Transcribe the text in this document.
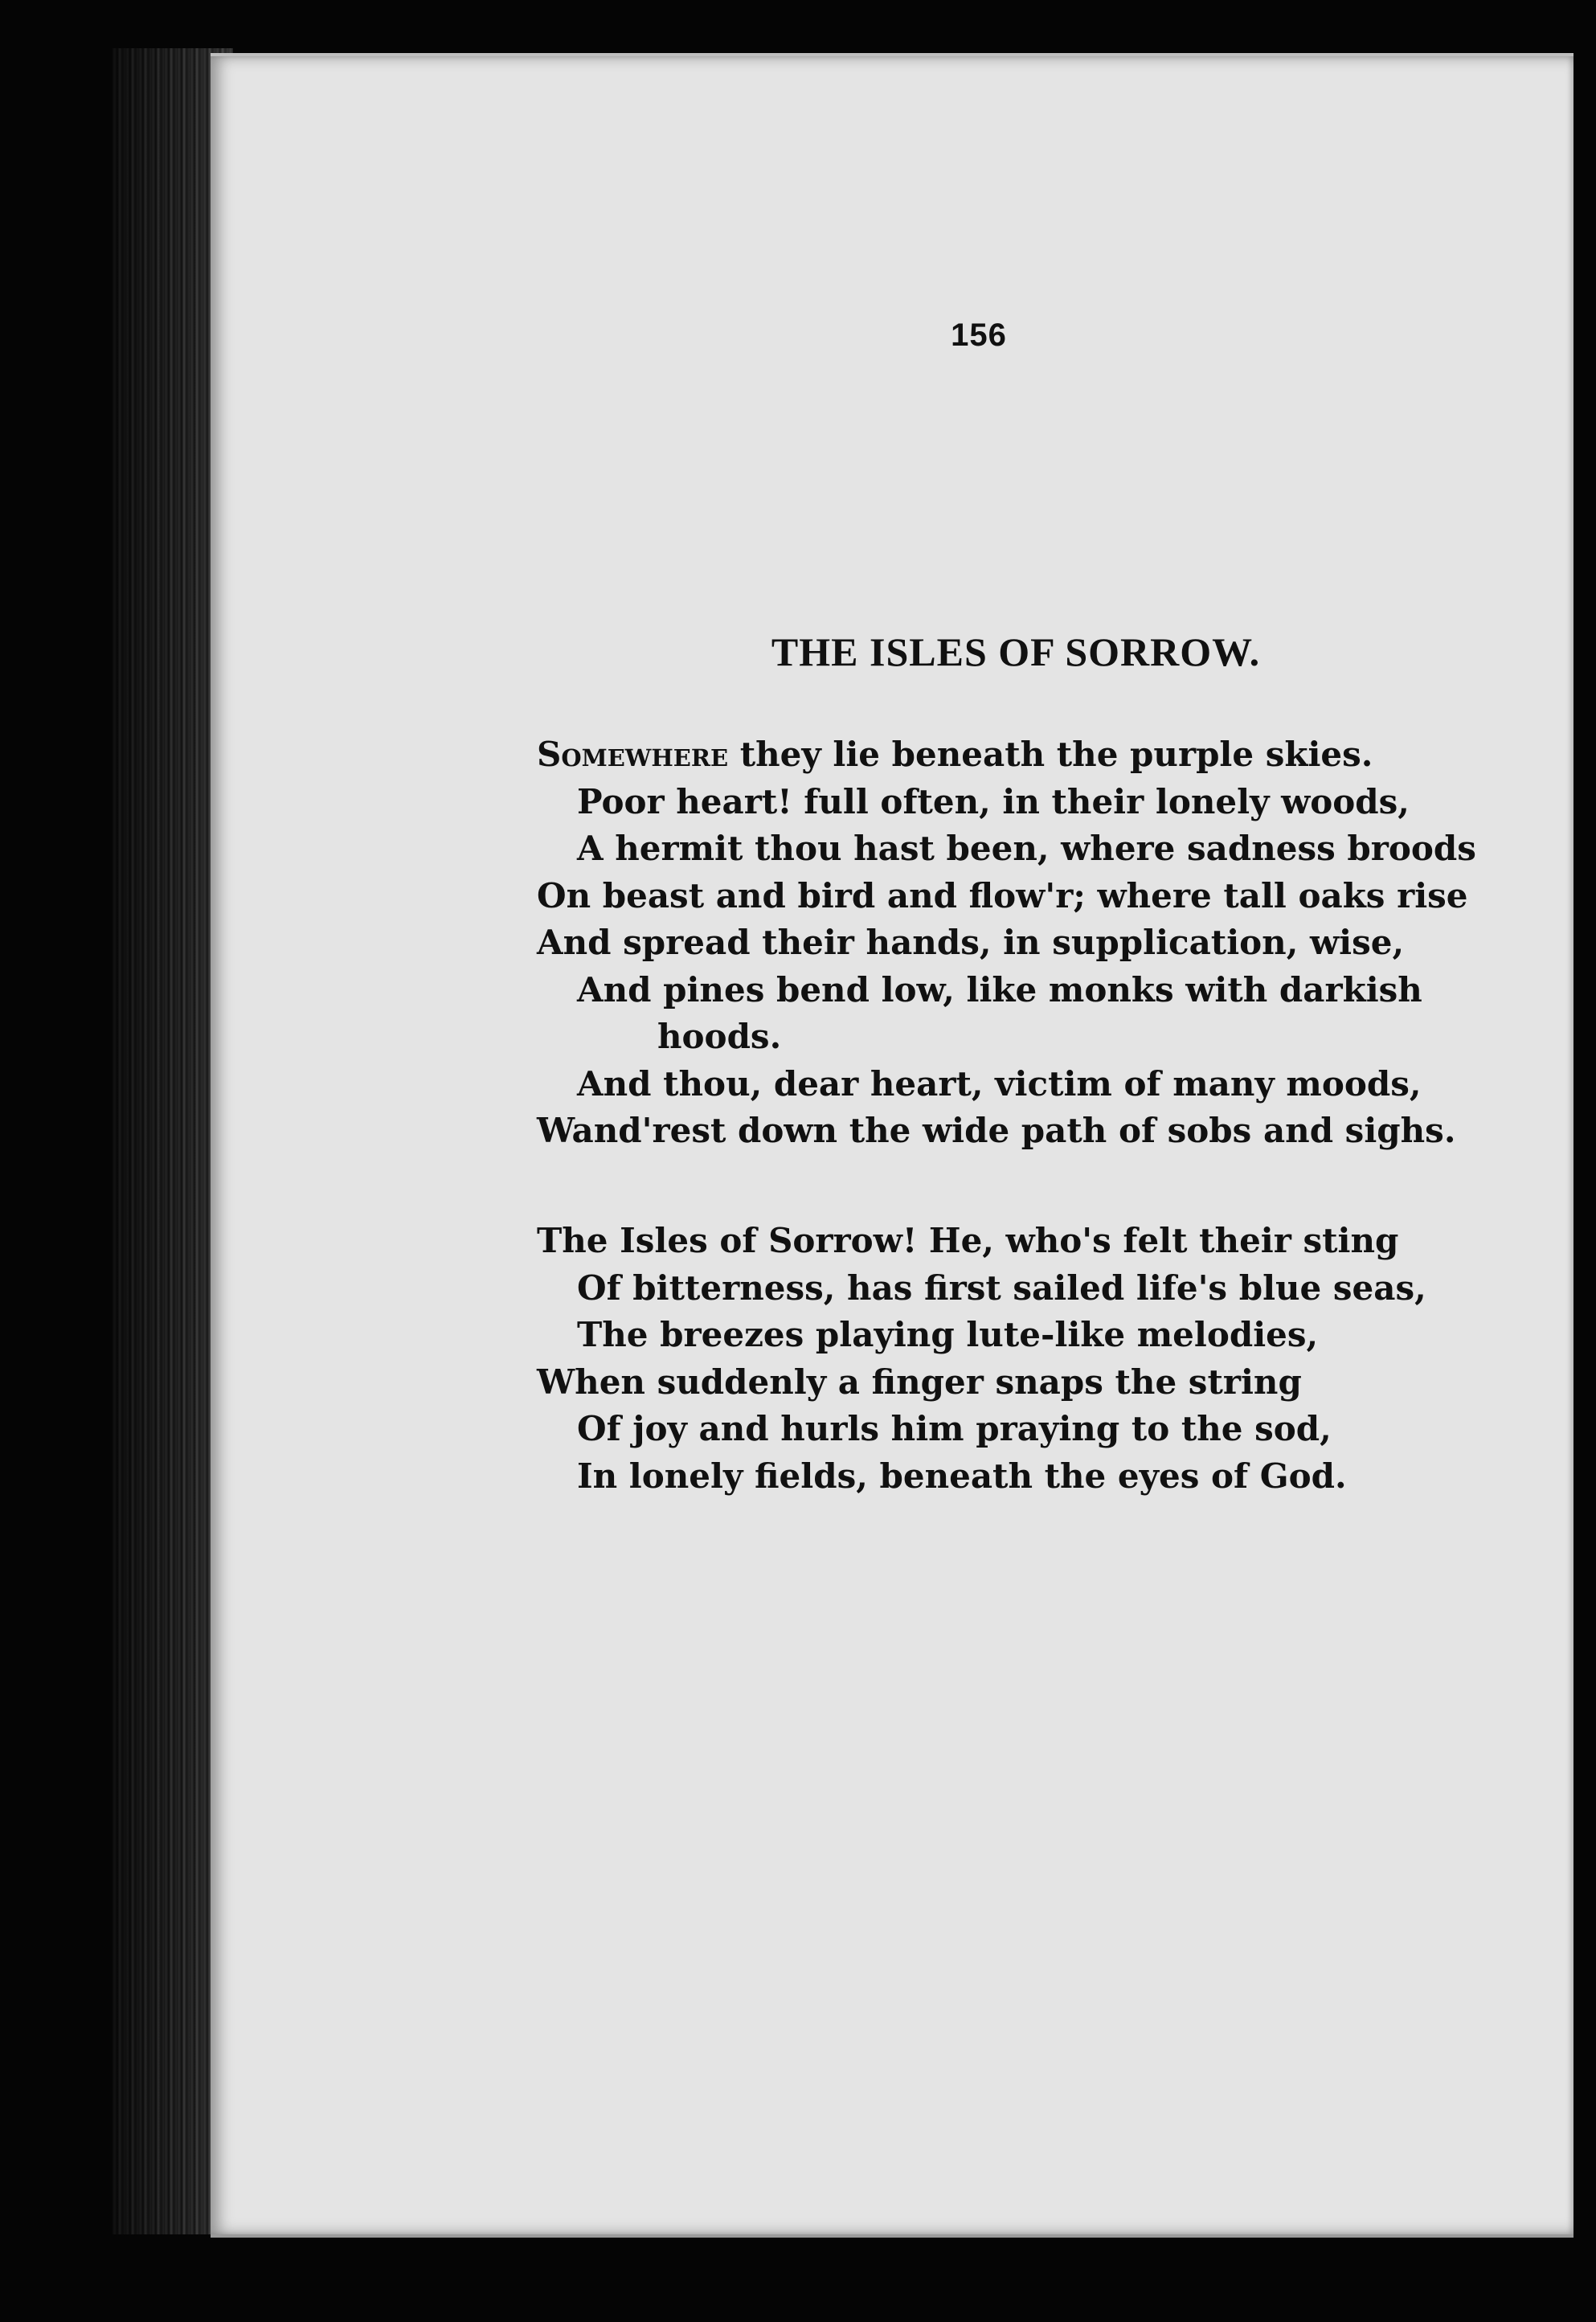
156
THE ISLES OF SORROW.
Somewhere they lie beneath the purple skies.
Poor heart! full often, in their lonely woods,
A hermit thou hast been, where sadness broods
On beast and bird and flow'r; where tall oaks rise
And spread their hands, in supplication, wise,
And pines bend low, like monks with darkish
hoods.
And thou, dear heart, victim of many moods,
Wand'rest down the wide path of sobs and sighs.
The Isles of Sorrow! He, who's felt their sting
Of bitterness, has first sailed life's blue seas,
The breezes playing lute-like melodies,
When suddenly a finger snaps the string
Of joy and hurls him praying to the sod,
In lonely fields, beneath the eyes of God.
